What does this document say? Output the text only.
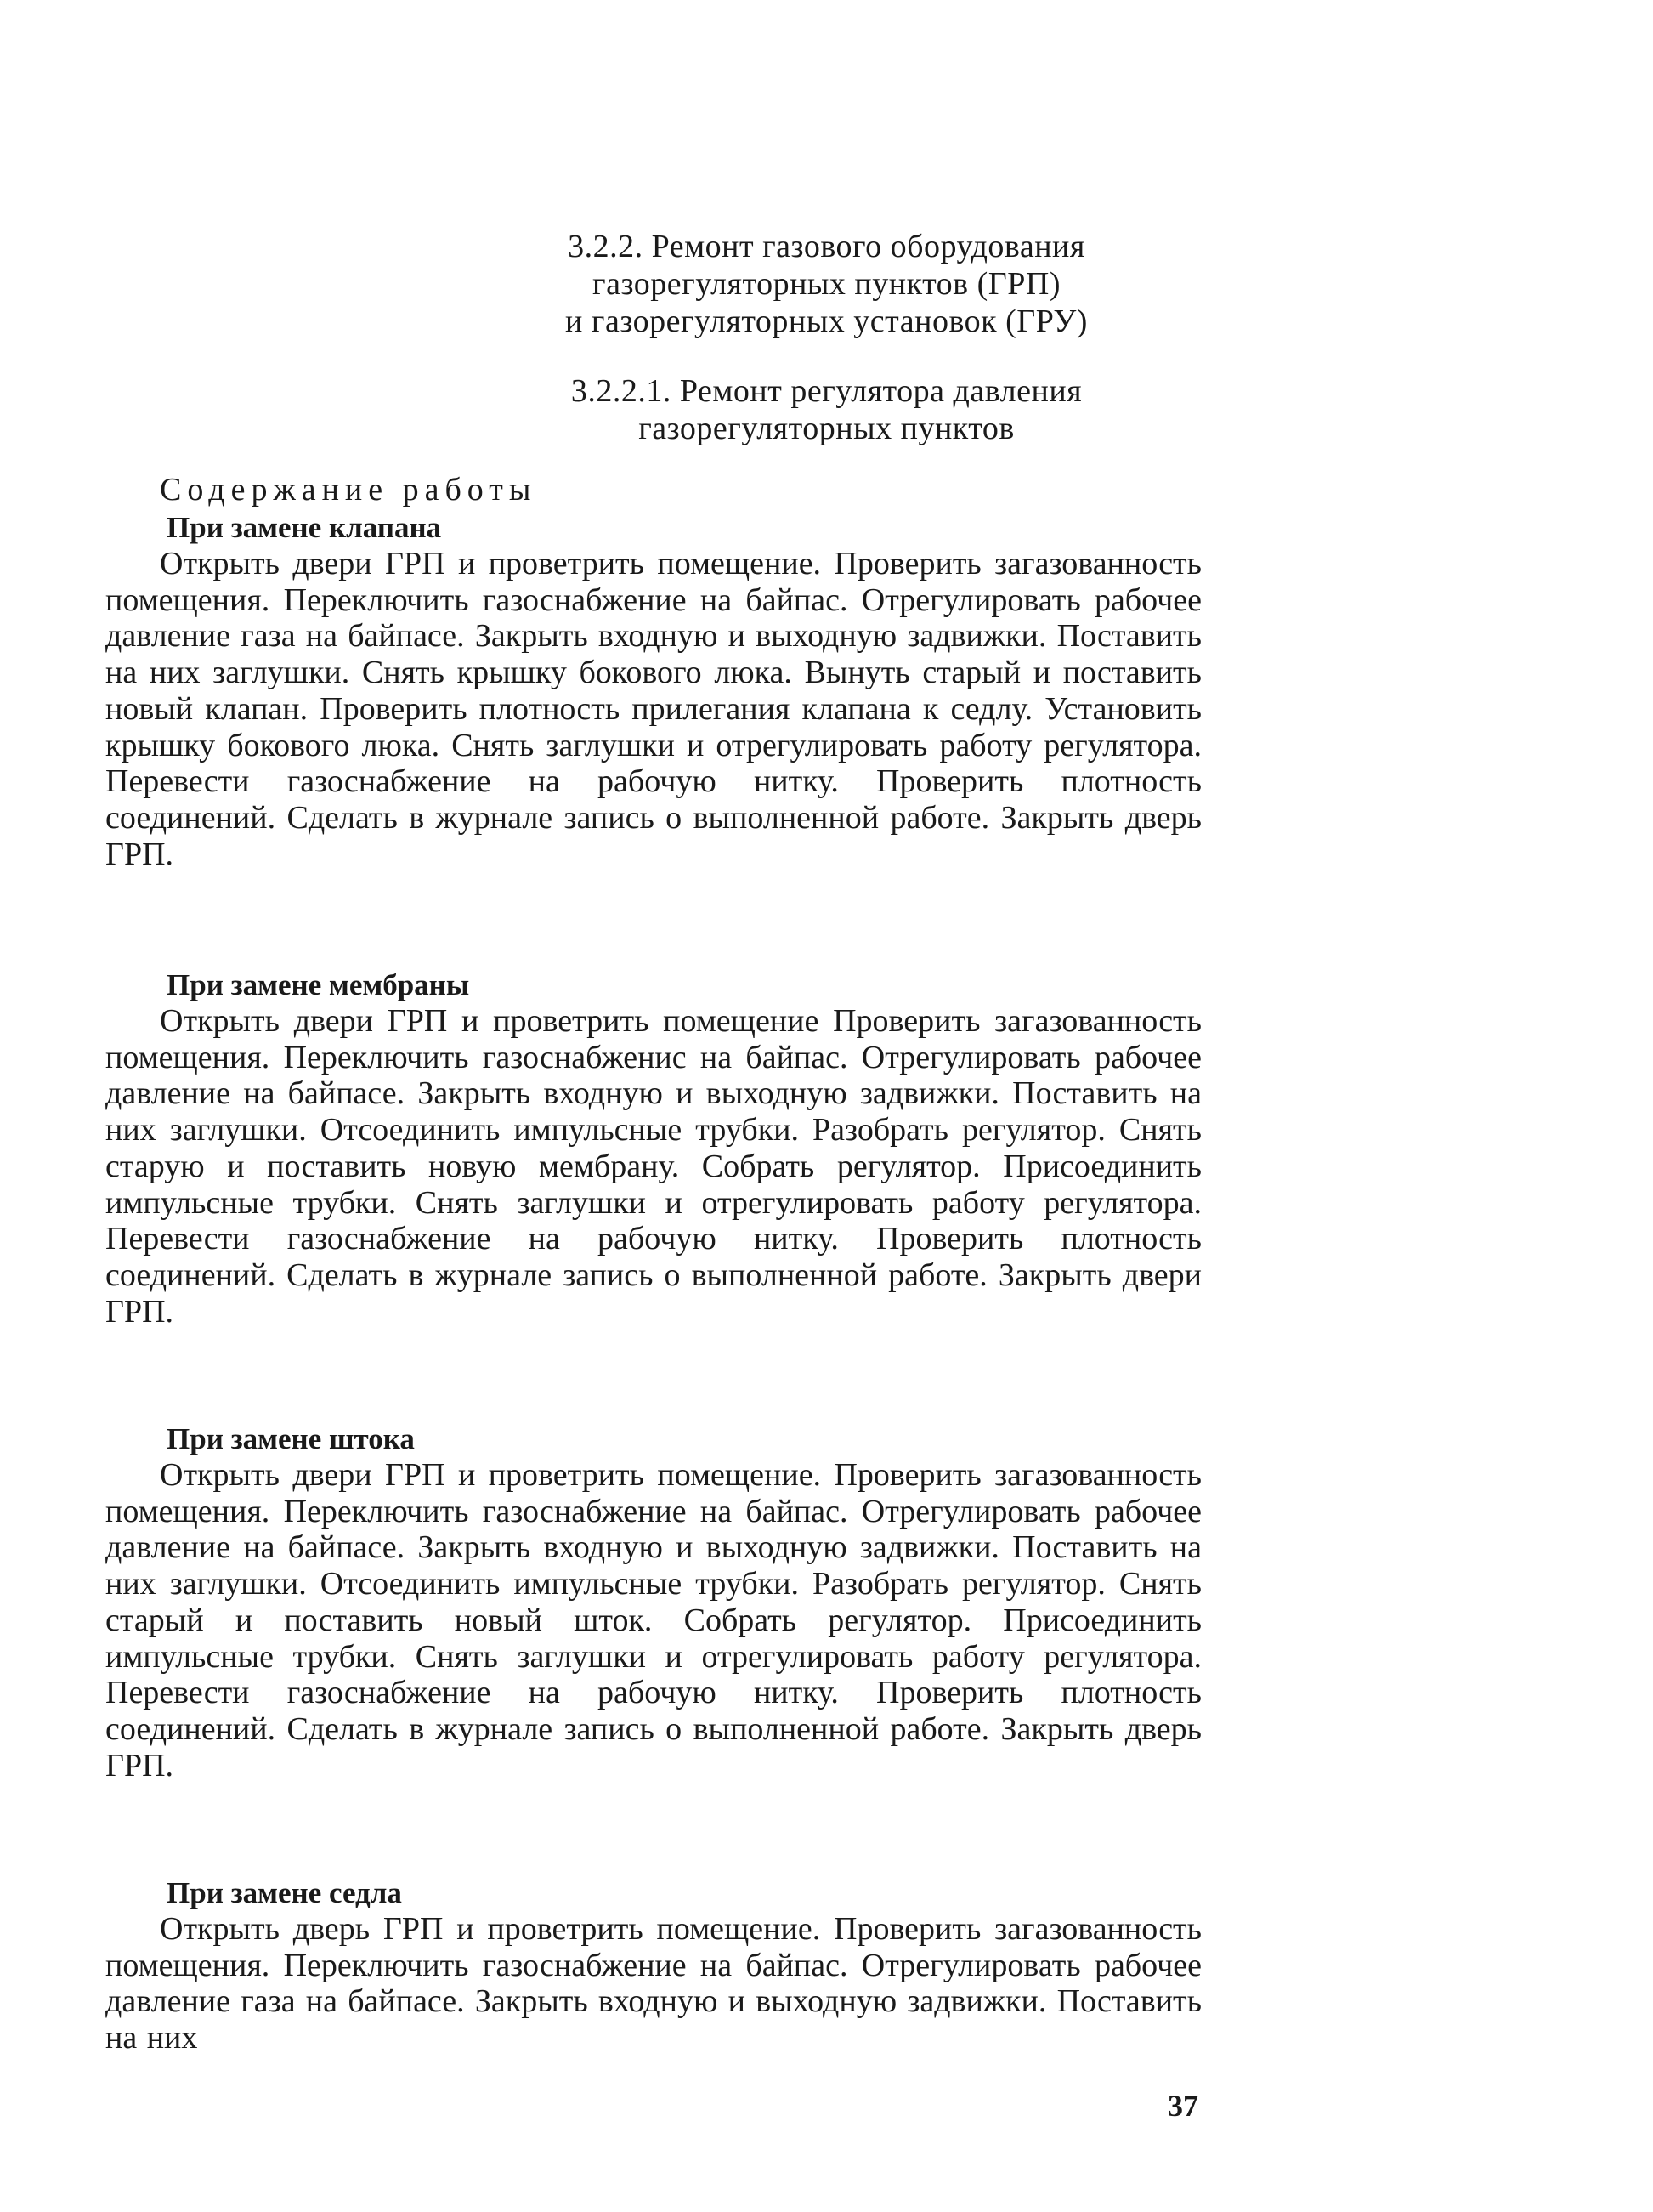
3.2.2. Ремонт газового оборудования
газорегуляторных пунктов (ГРП)
и газорегуляторных установок (ГРУ)
3.2.2.1. Ремонт регулятора давления
газорегуляторных пунктов
Содержание работы
При замене клапана

Открыть двери ГРП и проветрить помещение. Проверить загазованность помещения. Переключить газоснабжение на байпас. Отрегулировать рабочее давление газа на байпасе. Закрыть входную и выходную задвижки. Поставить на них заглушки. Снять крышку бокового люка. Вынуть старый и поставить новый клапан. Проверить плотность прилегания клапана к седлу. Установить крышку бокового люка. Снять заглушки и отрегулировать работу регулятора. Перевести газоснабжение на рабочую нитку. Проверить плотность соединений. Сделать в журнале запись о выполненной работе. Закрыть дверь ГРП.

При замене мембраны

Открыть двери ГРП и проветрить помещение Проверить загазованность помещения. Переключить газоснабженис на байпас. Отрегулировать рабочее давление на байпасе. Закрыть входную и выходную задвижки. Поставить на них заглушки. Отсоединить импульсные трубки. Разобрать регулятор. Снять старую и поставить новую мембрану. Собрать регулятор. Присоединить импульсные трубки. Снять заглушки и отрегулировать работу регулятора. Перевести газоснабжение на рабочую нитку. Проверить плотность соединений. Сделать в журнале запись о выполненной работе. Закрыть двери ГРП.

При замене штока

Открыть двери ГРП и проветрить помещение. Проверить загазованность помещения. Переключить газоснабжение на байпас. Отрегулировать рабочее давление на байпасе. Закрыть входную и выходную задвижки. Поставить на них заглушки. Отсоединить импульсные трубки. Разобрать регулятор. Снять старый и поставить новый шток. Собрать регулятор. Присоединить импульсные трубки. Снять заглушки и отрегулировать работу регулятора. Перевести газоснабжение на рабочую нитку. Проверить плотность соединений. Сделать в журнале запись о выполненной работе. Закрыть дверь ГРП.

При замене седла

Открыть дверь ГРП и проветрить помещение. Проверить загазованность помещения. Переключить газоснабжение на байпас. Отрегулировать рабочее давление газа на байпасе. Закрыть входную и выходную задвижки. Поставить на них

37
